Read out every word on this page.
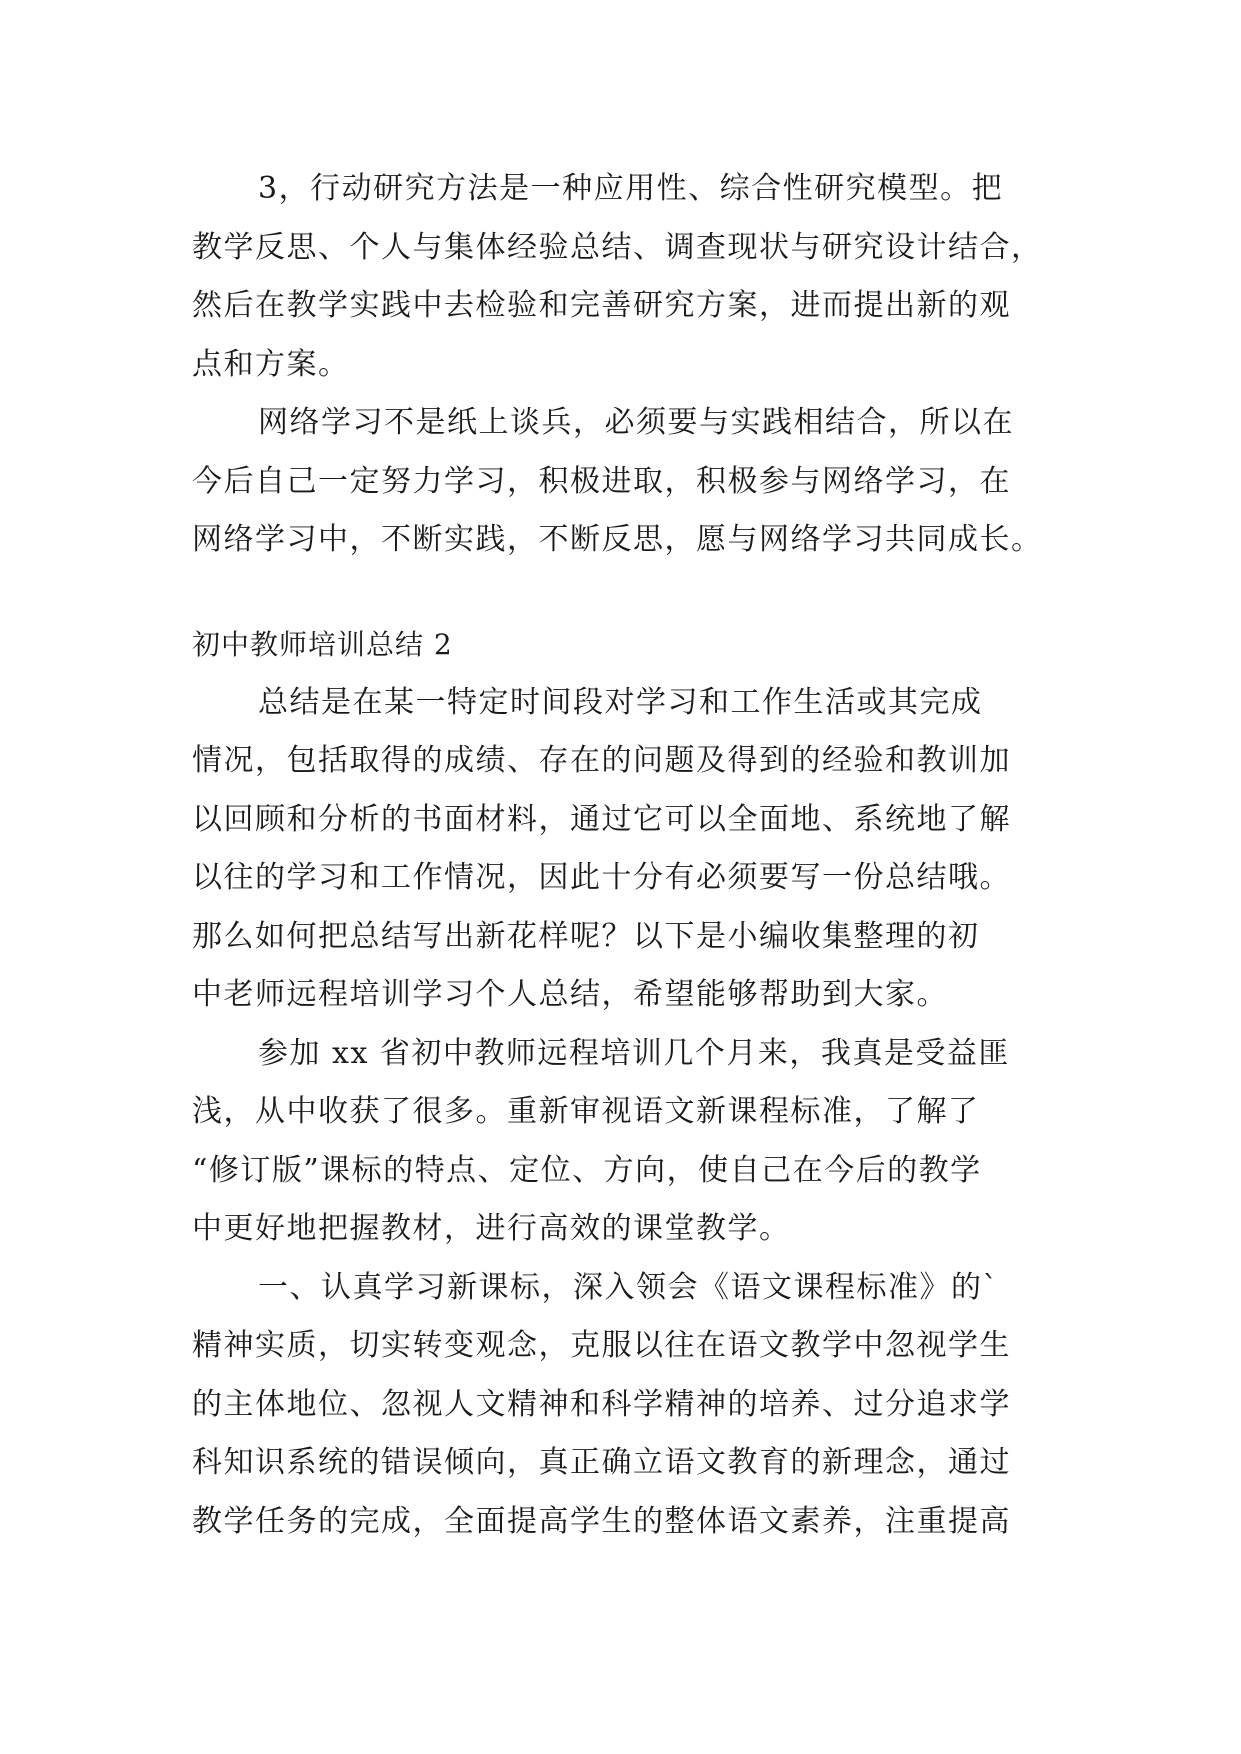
3，行动研究方法是一种应用性、综合性研究模型。把
教学反思、个人与集体经验总结、调查现状与研究设计结合，
然后在教学实践中去检验和完善研究方案，进而提出新的观
点和方案。
网络学习不是纸上谈兵，必须要与实践相结合，所以在
今后自己一定努力学习，积极进取，积极参与网络学习，在
网络学习中，不断实践，不断反思，愿与网络学习共同成长。
初中教师培训总结 2
总结是在某一特定时间段对学习和工作生活或其完成
情况，包括取得的成绩、存在的问题及得到的经验和教训加
以回顾和分析的书面材料，通过它可以全面地、系统地了解
以往的学习和工作情况，因此十分有必须要写一份总结哦。
那么如何把总结写出新花样呢？以下是小编收集整理的初
中老师远程培训学习个人总结，希望能够帮助到大家。
参加 xx 省初中教师远程培训几个月来，我真是受益匪
浅，从中收获了很多。重新审视语文新课程标准，了解了
“修订版”课标的特点、定位、方向，使自己在今后的教学
中更好地把握教材，进行高效的课堂教学。
一、认真学习新课标，深入领会《语文课程标准》的`
精神实质，切实转变观念，克服以往在语文教学中忽视学生
的主体地位、忽视人文精神和科学精神的培养、过分追求学
科知识系统的错误倾向，真正确立语文教育的新理念，通过
教学任务的完成，全面提高学生的整体语文素养，注重提高
